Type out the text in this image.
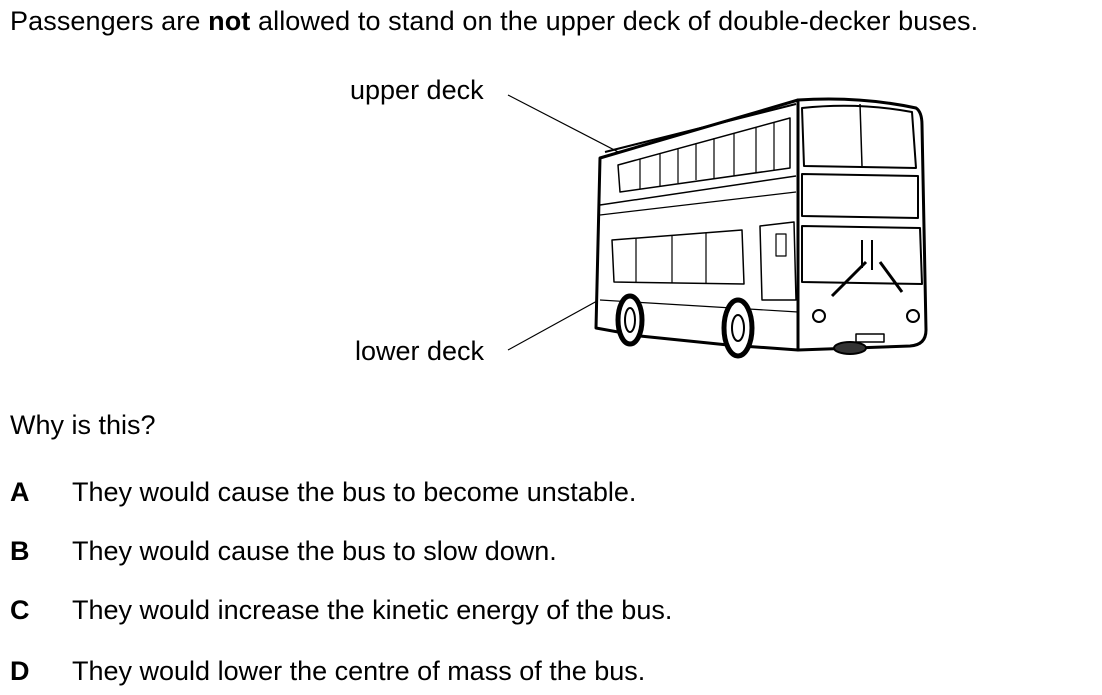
Passengers are not allowed to stand on the upper deck of double-decker buses.
upper deck
lower deck
Why is this?
A They would cause the bus to become unstable.
B They would cause the bus to slow down.
C They would increase the kinetic energy of the bus.
D They would lower the centre of mass of the bus.
